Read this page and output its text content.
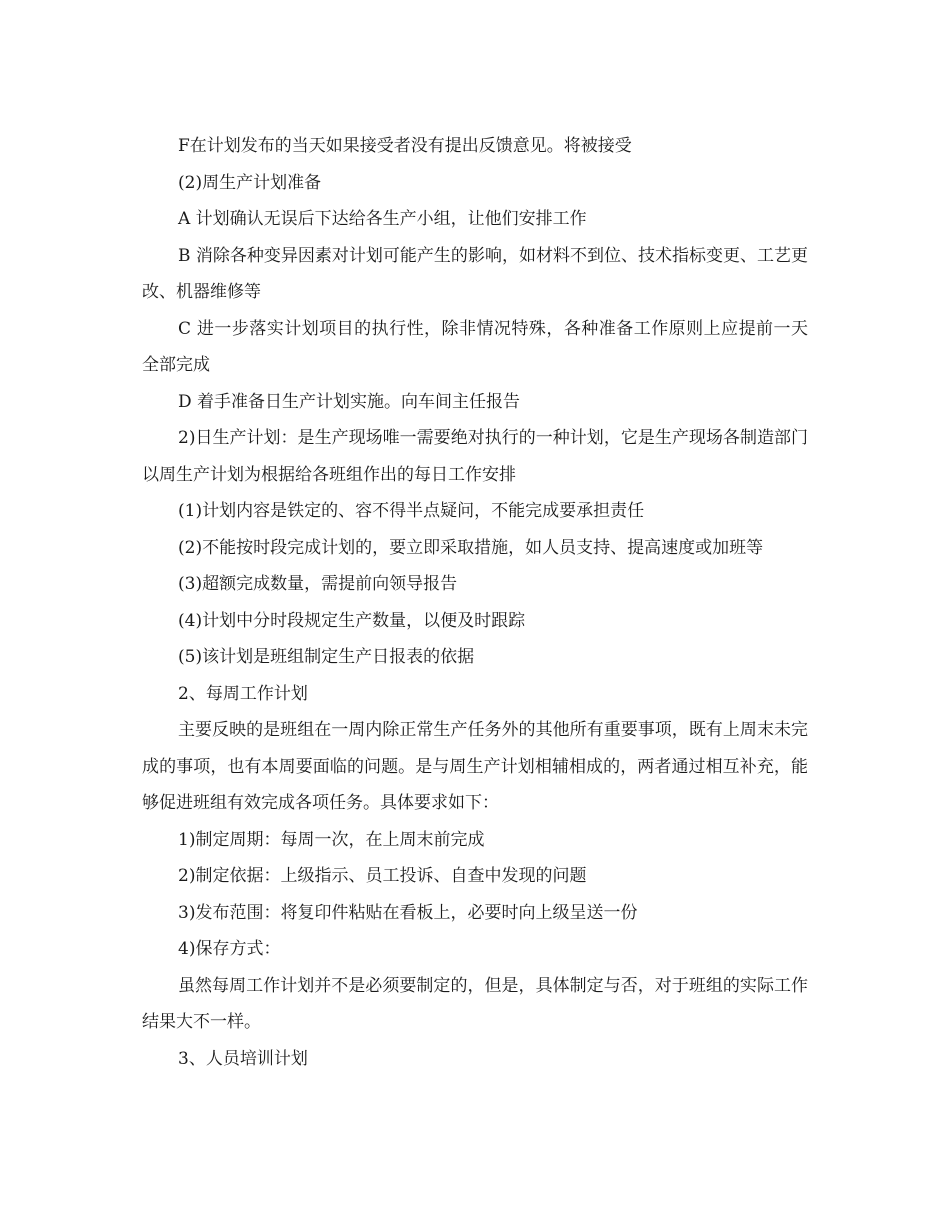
F在计划发布的当天如果接受者没有提出反馈意见。将被接受

(2)周生产计划准备

A 计划确认无误后下达给各生产小组，让他们安排工作

B 消除各种变异因素对计划可能产生的影响，如材料不到位、技术指标变更、工艺更改、机器维修等

C 进一步落实计划项目的执行性，除非情况特殊，各种准备工作原则上应提前一天全部完成

D 着手准备日生产计划实施。向车间主任报告

2)日生产计划：是生产现场唯一需要绝对执行的一种计划，它是生产现场各制造部门以周生产计划为根据给各班组作出的每日工作安排

(1)计划内容是铁定的、容不得半点疑问，不能完成要承担责任

(2)不能按时段完成计划的，要立即采取措施，如人员支持、提高速度或加班等

(3)超额完成数量，需提前向领导报告

(4)计划中分时段规定生产数量，以便及时跟踪

(5)该计划是班组制定生产日报表的依据

2、每周工作计划

主要反映的是班组在一周内除正常生产任务外的其他所有重要事项，既有上周末未完成的事项，也有本周要面临的问题。是与周生产计划相辅相成的，两者通过相互补充，能够促进班组有效完成各项任务。具体要求如下：

1)制定周期：每周一次，在上周末前完成

2)制定依据：上级指示、员工投诉、自查中发现的问题

3)发布范围：将复印件粘贴在看板上，必要时向上级呈送一份

4)保存方式：

虽然每周工作计划并不是必须要制定的，但是，具体制定与否，对于班组的实际工作结果大不一样。

3、人员培训计划
